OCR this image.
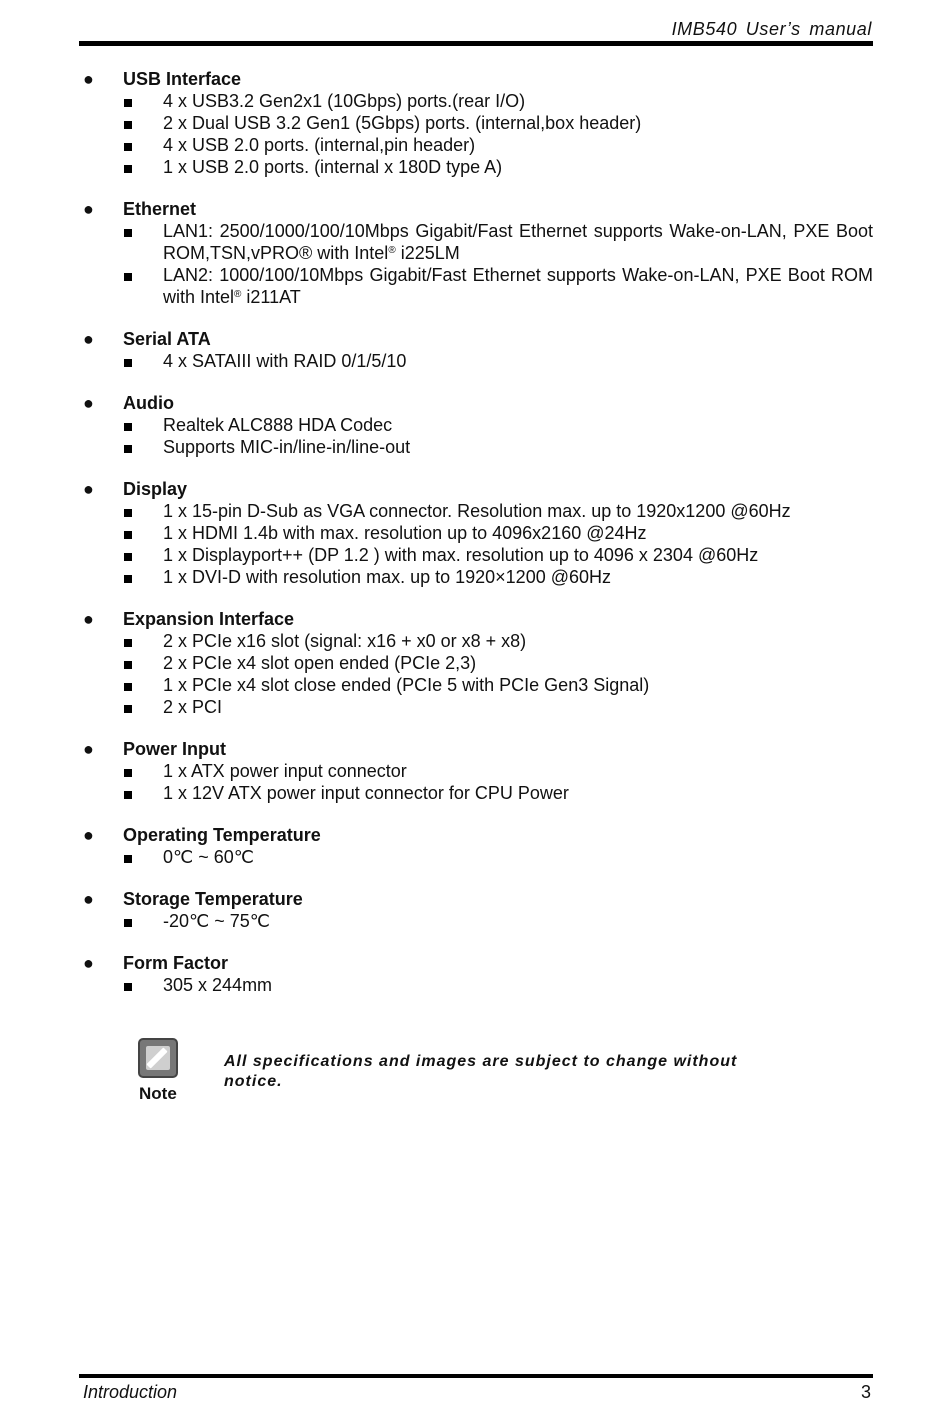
IMB540 User’s manual
● USB Interface
4 x USB3.2 Gen2x1 (10Gbps) ports.(rear I/O)
2 x Dual USB 3.2 Gen1 (5Gbps) ports. (internal,box header)
4 x USB 2.0 ports. (internal,pin header)
1 x USB 2.0 ports. (internal x 180D type A)
● Ethernet
LAN1: 2500/1000/100/10Mbps Gigabit/Fast Ethernet supports Wake-on-LAN, PXE Boot ROM,TSN,vPRO® with Intel® i225LM
LAN2: 1000/100/10Mbps Gigabit/Fast Ethernet supports Wake-on-LAN, PXE Boot ROM with Intel® i211AT
● Serial ATA
4 x SATAIII with RAID 0/1/5/10
● Audio
Realtek ALC888 HDA Codec
Supports MIC-in/line-in/line-out
● Display
1 x 15-pin D-Sub as VGA connector. Resolution max. up to 1920x1200 @60Hz
1 x HDMI 1.4b with max. resolution up to 4096x2160 @24Hz
1 x Displayport++ (DP 1.2 ) with max. resolution up to 4096 x 2304 @60Hz
1 x DVI-D with resolution max. up to 1920×1200 @60Hz
● Expansion Interface
2 x PCIe x16 slot (signal: x16 + x0 or x8 + x8)
2 x PCIe x4 slot open ended (PCIe 2,3)
1 x PCIe x4 slot close ended (PCIe 5 with PCIe Gen3 Signal)
2 x PCI
● Power Input
1 x ATX power input connector
1 x 12V ATX power input connector for CPU Power
● Operating Temperature
0℃ ~ 60℃
● Storage Temperature
-20℃ ~ 75℃
● Form Factor
305 x 244mm
Note
All specifications and images are subject to change without notice.
Introduction	3
